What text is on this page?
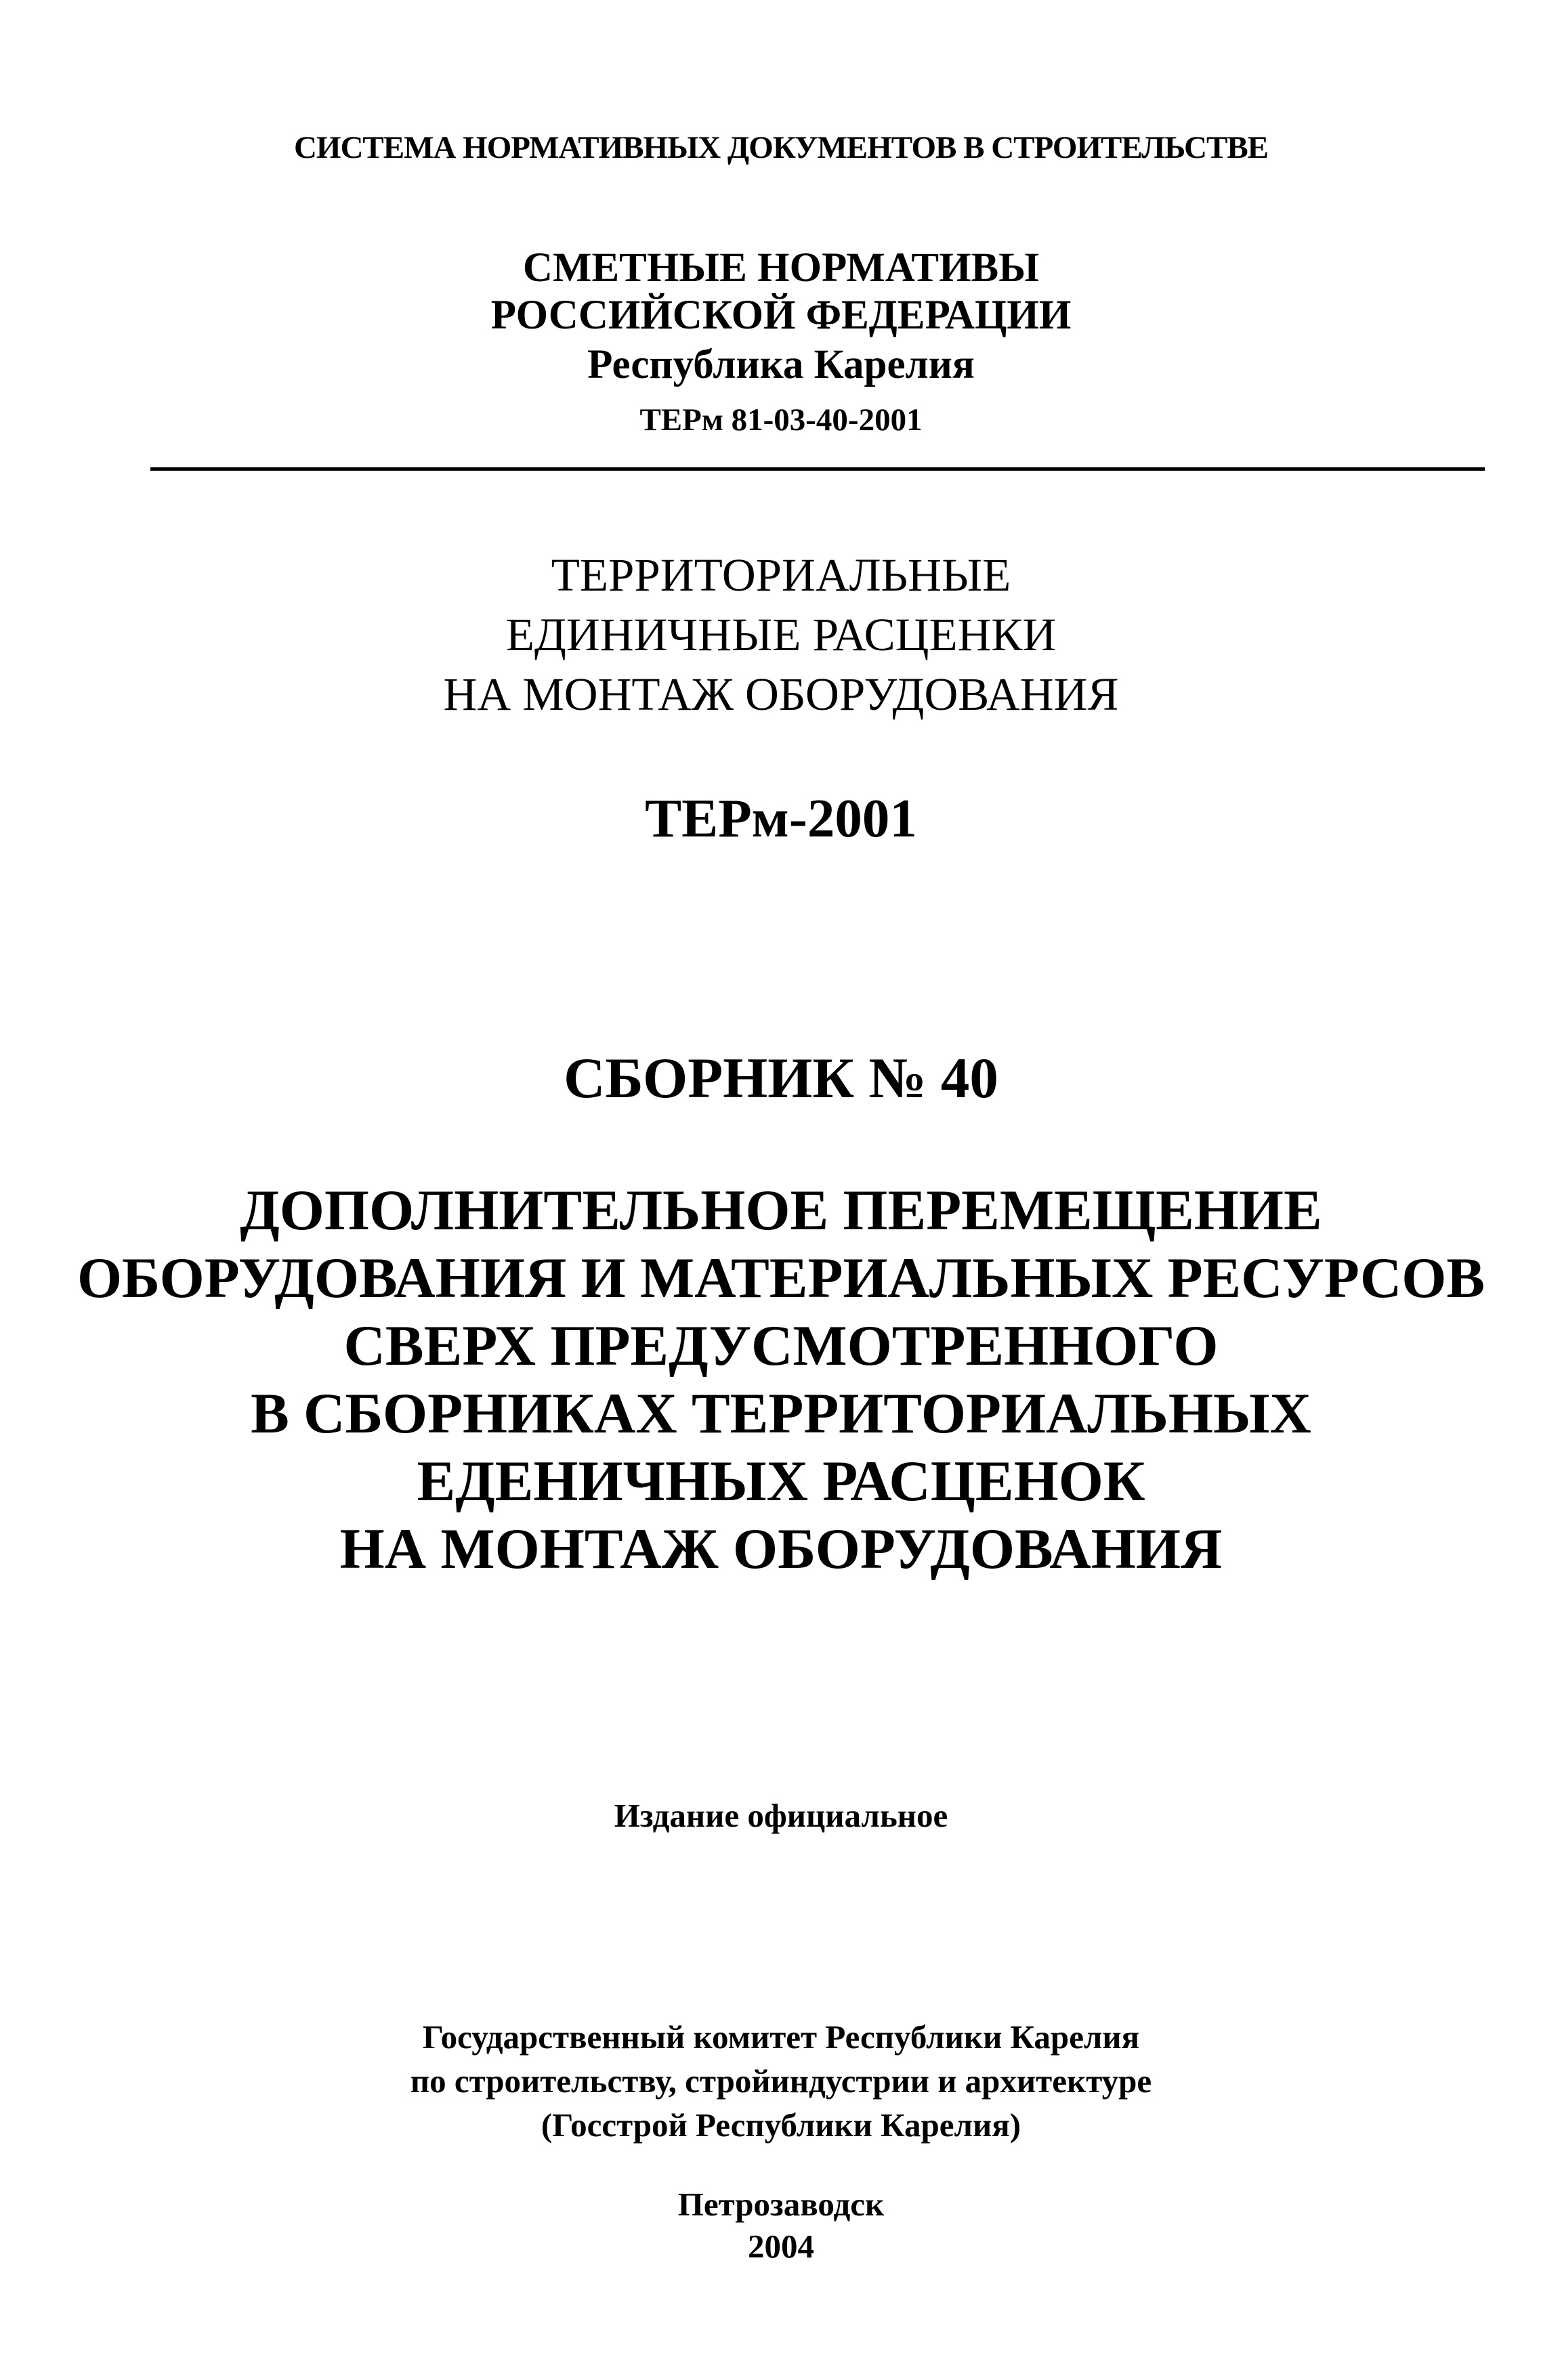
СИСТЕМА НОРМАТИВНЫХ ДОКУМЕНТОВ В СТРОИТЕЛЬСТВЕ

СМЕТНЫЕ НОРМАТИВЫ

РОССИЙСКОЙ ФЕДЕРАЦИИ

Республика Карелия

ТЕРм 81-03-40-2001

ТЕРРИТОРИАЛЬНЫЕ

ЕДИНИЧНЫЕ РАСЦЕНКИ

НА МОНТАЖ ОБОРУДОВАНИЯ

ТЕРм-2001

СБОРНИК № 40

ДОПОЛНИТЕЛЬНОЕ ПЕРЕМЕЩЕНИЕ

ОБОРУДОВАНИЯ И МАТЕРИАЛЬНЫХ РЕСУРСОВ

СВЕРХ ПРЕДУСМОТРЕННОГО

В СБОРНИКАХ ТЕРРИТОРИАЛЬНЫХ

ЕДЕНИЧНЫХ РАСЦЕНОК

НА МОНТАЖ ОБОРУДОВАНИЯ

Издание официальное

Государственный комитет Республики Карелия

по строительству, стройиндустрии и архитектуре

(Госстрой Республики Карелия)

Петрозаводск

2004
